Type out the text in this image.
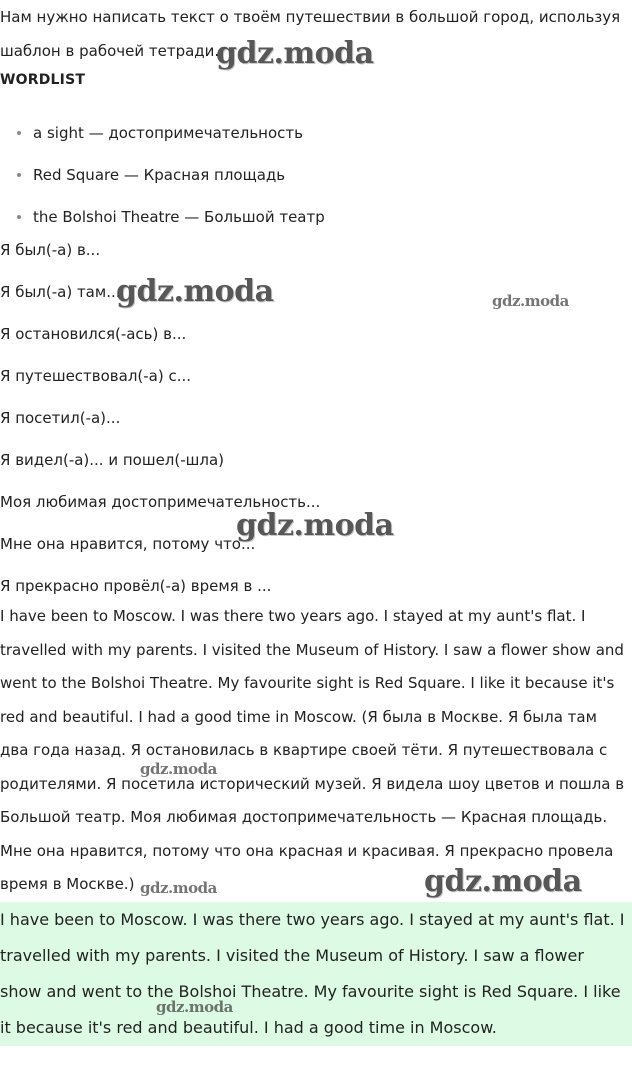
Нам нужно написать текст о твоём путешествии в большой город, используя шаблон в рабочей тетради.
WORDLIST
a sight — достопримечательность
Red Square — Красная площадь
the Bolshoi Theatre — Большой театр
Я был(-а) в...
Я был(-а) там...
Я остановился(-ась) в...
Я путешествовал(-а) с...
Я посетил(-а)...
Я видел(-а)... и пошел(-шла)
Моя любимая достопримечательность...
Мне она нравится, потому что...
Я прекрасно провёл(-а) время в ...
I have been to Moscow. I was there two years ago. I stayed at my aunt's flat. I travelled with my parents. I visited the Museum of History. I saw a flower show and went to the Bolshoi Theatre. My favourite sight is Red Square. I like it because it's red and beautiful. I had a good time in Moscow. (Я была в Москве. Я была там два года назад. Я остановилась в квартире своей тёти. Я путешествовала с родителями. Я посетила исторический музей. Я видела шоу цветов и пошла в Большой театр. Моя любимая достопримечательность — Красная площадь. Мне она нравится, потому что она красная и красивая. Я прекрасно провела время в Москве.)

I have been to Moscow. I was there two years ago. I stayed at my aunt's flat. I travelled with my parents. I visited the Museum of History. I saw a flower show and went to the Bolshoi Theatre. My favourite sight is Red Square. I like it because it's red and beautiful. I had a good time in Moscow.

gdz.moda
gdz.moda	gdz.moda
gdz.moda
gdz.moda
gdz.moda	gdz.moda
gdz.moda
